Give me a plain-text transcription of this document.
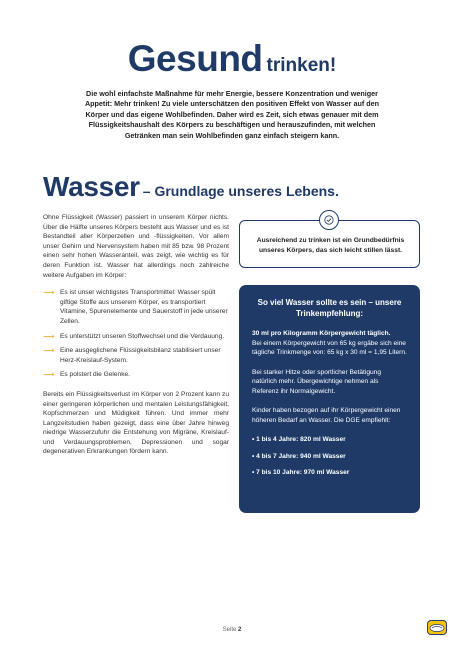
Gesund trinken!
Die wohl einfachste Maßnahme für mehr Energie, bessere Konzentration und weniger Appetit: Mehr trinken! Zu viele unterschätzen den positiven Effekt von Wasser auf den Körper und das eigene Wohlbefinden. Daher wird es Zeit, sich etwas genauer mit dem Flüssigkeitshaushalt des Körpers zu beschäftigen und herauszufinden, mit welchen Getränken man sein Wohlbefinden ganz einfach steigern kann.
Wasser – Grundlage unseres Lebens.

Ohne Flüssigkeit (Wasser) passiert in unserem Körper nichts. Über die Hälfte unseres Körpers besteht aus Wasser und es ist Bestandteil aller Körperzellen und -flüssigkeiten. Vor allem unser Gehirn und Nervensystem haben mit 85 bzw. 98 Prozent einen sehr hohen Wasseranteil, was zeigt, wie wichtig es für deren Funktion ist. Wasser hat allerdings noch zahlreiche weitere Aufgaben im Körper:

⟶ Es ist unser wichtigstes Transportmittel: Wasser spült giftige Stoffe aus unserem Körper, es transportiert Vitamine, Spurenelemente und Sauerstoff in jede unserer Zellen.
⟶ Es unterstützt unseren Stoffwechsel und die Verdauung.
⟶ Eine ausgeglichene Flüssigkeitsbilanz stabilisiert unser Herz-Kreislauf-System.
⟶ Es polstert die Gelenke.

Bereits ein Flüssigkeitsverlust im Körper von 2 Prozent kann zu einer geringeren körperlichen und mentalen Leistungsfähigkeit, Kopfschmerzen und Müdigkeit führen. Und immer mehr Langzeitstudien haben gezeigt, dass eine über Jahre hinweg niedrige Wasserzufuhr die Entstehung von Migräne, Kreislauf- und Verdauungsproblemen, Depressionen und sogar degenerativen Erkrankungen fördern kann.

Ausreichend zu trinken ist ein Grundbedürfnis unseres Körpers, das sich leicht stillen lässt.
So viel Wasser sollte es sein – unsere Trinkempfehlung:

30 ml pro Kilogramm Körpergewicht täglich.
Bei einem Körpergewicht von 65 kg ergäbe sich eine tägliche Trinkmenge von: 65 kg x 30 ml = 1,95 Litern.

Bei starker Hitze oder sportlicher Betätigung natürlich mehr. Übergewichtige nehmen als Referenz ihr Normalgewicht.

Kinder haben bezogen auf ihr Körpergewicht einen höheren Bedarf an Wasser. Die DGE empfiehlt:

• 1 bis 4 Jahre: 820 ml Wasser
• 4 bis 7 Jahre: 940 ml Wasser
• 7 bis 10 Jahre: 970 ml Wasser
Seite 2
